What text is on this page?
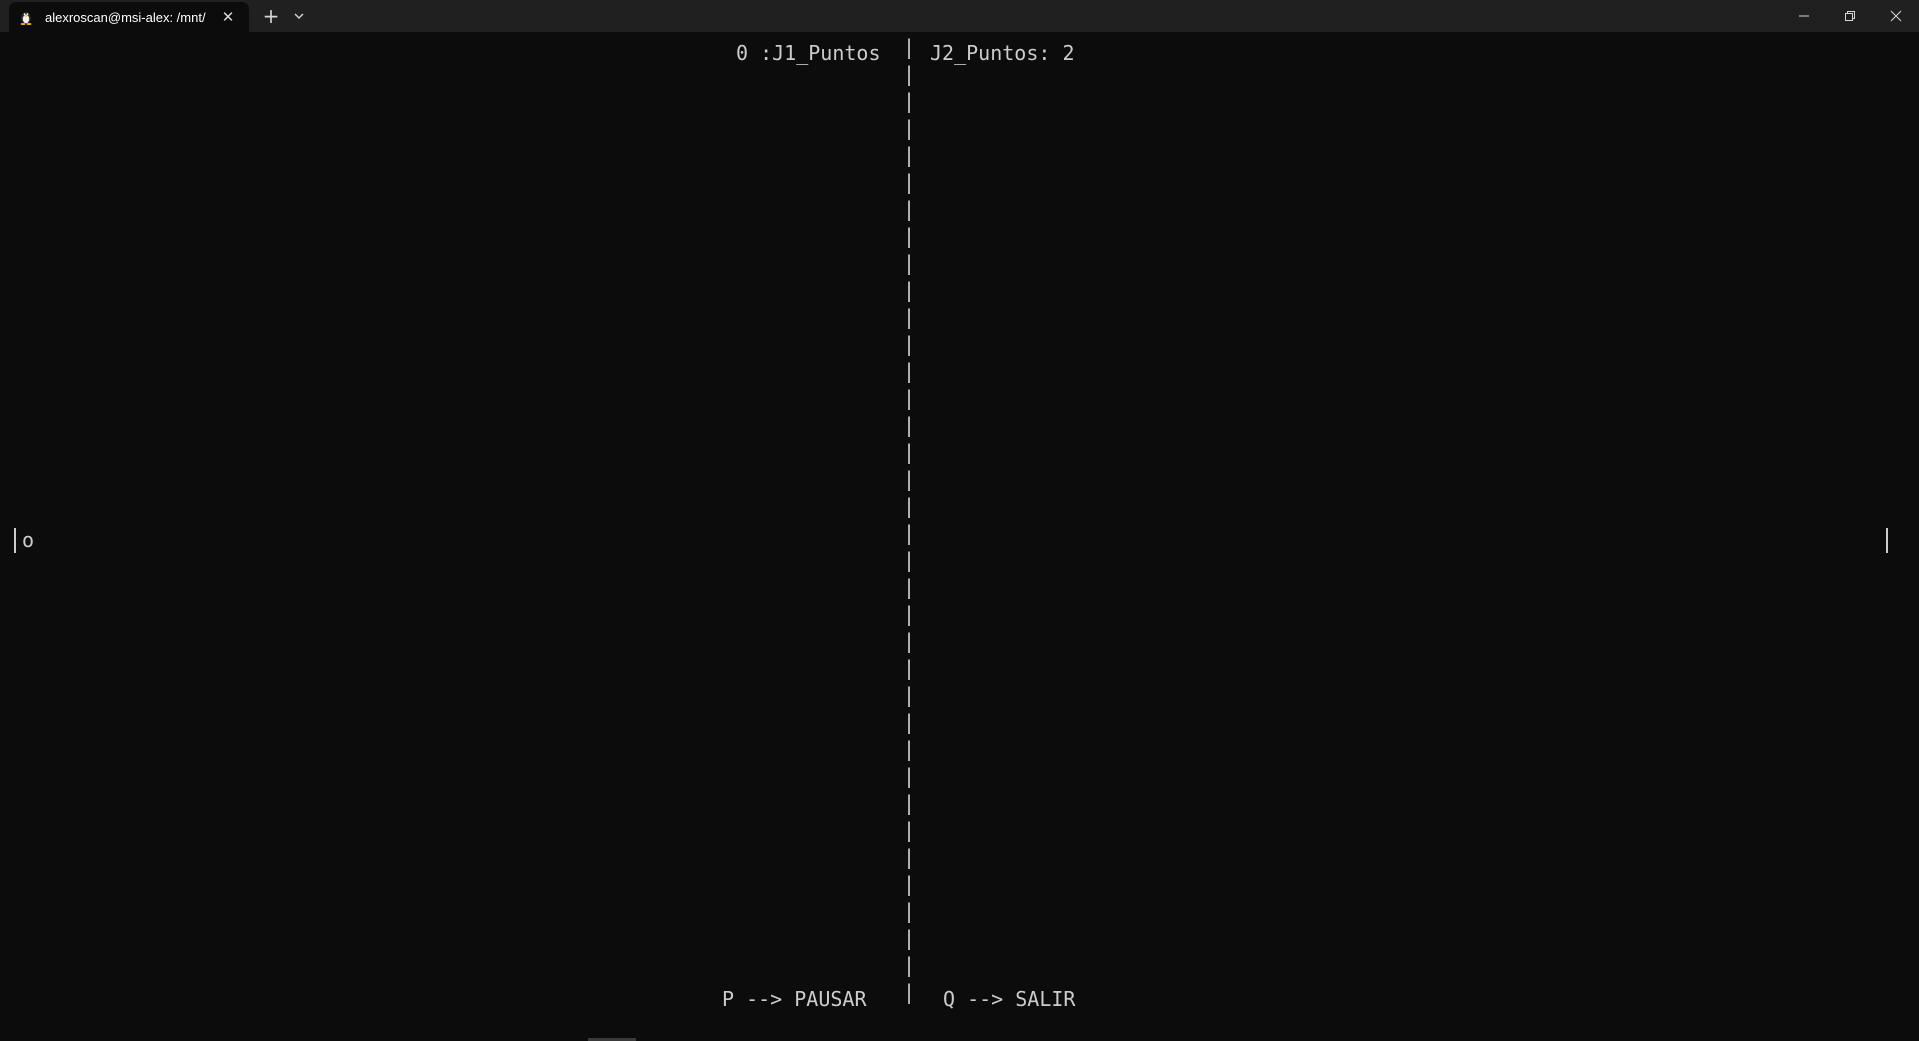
alexroscan@msi-alex: /mnt/	✕ +
0 :J1_Puntos J2_Puntos: 2
|
|
|
|
|
|
|
|
|
|
|
|
|
|
|
|
|
|
|
|
|
|
|
|
|
|
|
|
|
|
|
|
|
|
|
|
o
P --> PAUSAR	Q --> SALIR
